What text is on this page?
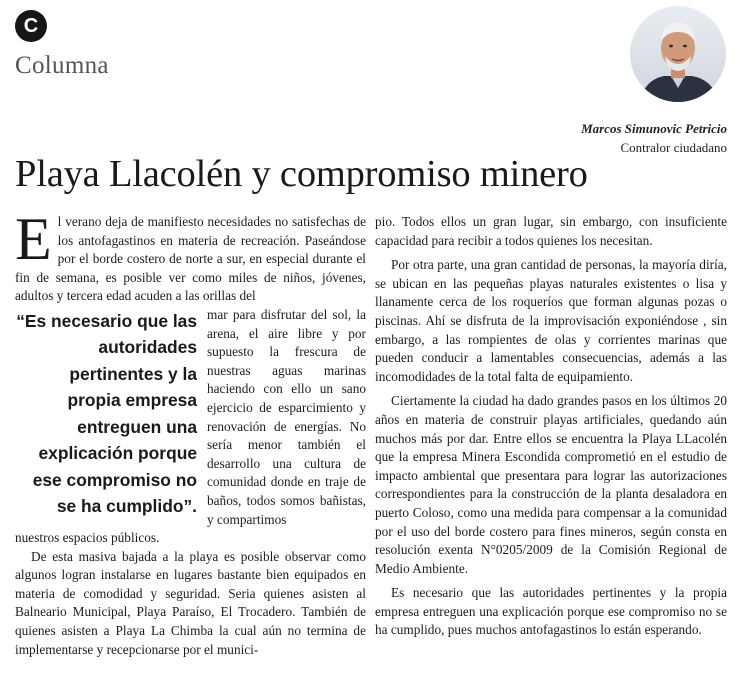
C
Columna
Marcos Simunovic Petricio
Contralor ciudadano
Playa Llacolén y compromiso minero

El verano deja de manifiesto necesidades no satisfechas de los antofagastinos en materia de recreación. Paseándose por el borde costero de norte a sur, en especial durante el fin de semana, es posible ver como miles de niños, jóvenes, adultos y tercera edad acuden a las orillas del

“Es necesario que las autoridades pertinentes y la propia empresa entreguen una explicación porque ese compromiso no se ha cumplido”.

mar para disfrutar del sol, la arena, el aire libre y por supuesto la frescura de nuestras aguas marinas haciendo con ello un sano ejercicio de esparcimiento y renovación de energías. No sería menor también el desarrollo una cultura de comunidad donde en traje de baños, todos somos bañistas, y compartimos

nuestros espacios públicos.

De esta masiva bajada a la playa es posible observar como algunos logran instalarse en lugares bastante bien equipados en materia de comodidad y seguridad. Seria quienes asisten al Balneario Municipal, Playa Paraíso, El Trocadero. También de quienes asisten a Playa La Chimba la cual aún no termina de implementarse y recepcionarse por el munici-

pio. Todos ellos un gran lugar, sin embargo, con insuficiente capacidad para recibir a todos quienes los necesitan.

Por otra parte, una gran cantidad de personas, la mayoría diría, se ubican en las pequeñas playas naturales existentes o lisa y llanamente cerca de los roqueríos que forman algunas pozas o piscinas. Ahí se disfruta de la improvisación exponiéndose , sin embargo, a las rompientes de olas y corrientes marinas que pueden conducir a lamentables consecuencias, además a las incomodidades de la total falta de equipamiento.

Ciertamente la ciudad ha dado grandes pasos en los últimos 20 años en materia de construir playas artificiales, quedando aún muchos más por dar. Entre ellos se encuentra la Playa LLacolén que la empresa Minera Escondida comprometió en el estudio de impacto ambiental que presentara para lograr las autorizaciones correspondientes para la construcción de la planta desaladora en puerto Coloso, como una medida para compensar a la comunidad por el uso del borde costero para fines mineros, según consta en resolución exenta N°0205/2009 de la Comisión Regional de Medio Ambiente.

Es necesario que las autoridades pertinentes y la propia empresa entreguen una explicación porque ese compromiso no se ha cumplido, pues muchos antofagastinos lo están esperando.
